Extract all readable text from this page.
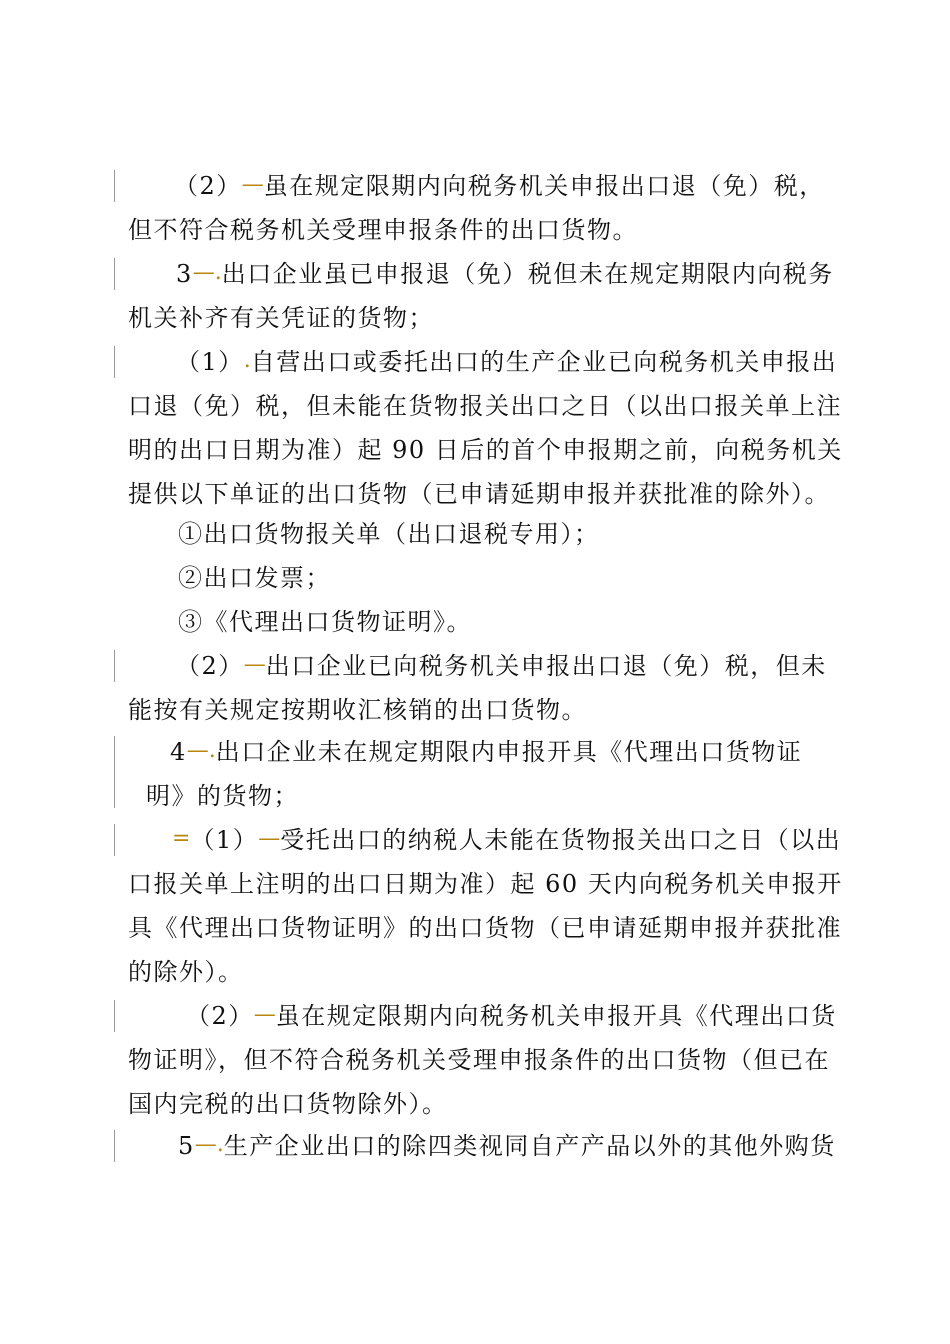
（2）—虽在规定限期内向税务机关申报出口退（免）税，
但不符合税务机关受理申报条件的出口货物。
3—.出口企业虽已申报退（免）税但未在规定期限内向税务
机关补齐有关凭证的货物；
（1）.自营出口或委托出口的生产企业已向税务机关申报出
口退（免）税，但未能在货物报关出口之日（以出口报关单上注
明的出口日期为准）起 90 日后的首个申报期之前，向税务机关
提供以下单证的出口货物（已申请延期申报并获批准的除外）。
①出口货物报关单（出口退税专用）；
②出口发票；
③《代理出口货物证明》。
（2）—出口企业已向税务机关申报出口退（免）税，但未
能按有关规定按期收汇核销的出口货物。
4—.出口企业未在规定期限内申报开具《代理出口货物证
明》的货物；
=（1）—受托出口的纳税人未能在货物报关出口之日（以出
口报关单上注明的出口日期为准）起 60 天内向税务机关申报开
具《代理出口货物证明》的出口货物（已申请延期申报并获批准
的除外）。
（2）—虽在规定限期内向税务机关申报开具《代理出口货
物证明》，但不符合税务机关受理申报条件的出口货物（但已在
国内完税的出口货物除外）。
5—.生产企业出口的除四类视同自产产品以外的其他外购货
